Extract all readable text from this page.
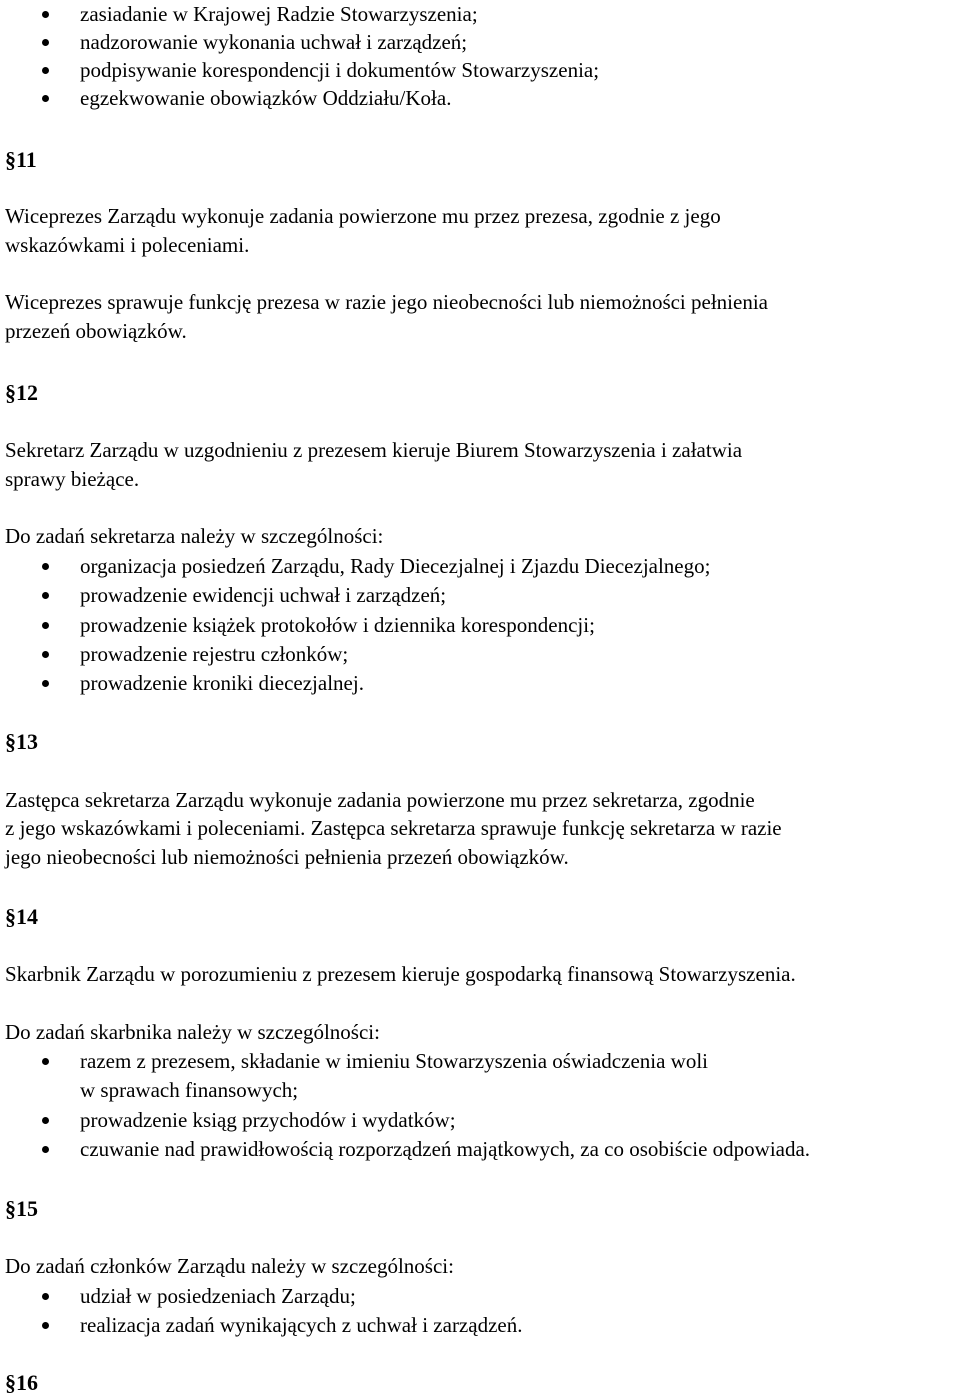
zasiadanie w Krajowej Radzie Stowarzyszenia;
nadzorowanie wykonania uchwał i zarządzeń;
podpisywanie korespondencji i dokumentów Stowarzyszenia;
egzekwowanie obowiązków Oddziału/Koła.
§11
Wiceprezes Zarządu wykonuje zadania powierzone mu przez prezesa, zgodnie z jego
wskazówkami i poleceniami.
Wiceprezes sprawuje funkcję prezesa w razie jego nieobecności lub niemożności pełnienia
przezeń obowiązków.
§12
Sekretarz Zarządu w uzgodnieniu z prezesem kieruje Biurem Stowarzyszenia i załatwia
sprawy bieżące.
Do zadań sekretarza należy w szczególności:
organizacja posiedzeń Zarządu, Rady Diecezjalnej i Zjazdu Diecezjalnego;
prowadzenie ewidencji uchwał i zarządzeń;
prowadzenie książek protokołów i dziennika korespondencji;
prowadzenie rejestru członków;
prowadzenie kroniki diecezjalnej.
§13
Zastępca sekretarza Zarządu wykonuje zadania powierzone mu przez sekretarza, zgodnie
z jego wskazówkami i poleceniami. Zastępca sekretarza sprawuje funkcję sekretarza w razie
jego nieobecności lub niemożności pełnienia przezeń obowiązków.
§14
Skarbnik Zarządu w porozumieniu z prezesem kieruje gospodarką finansową Stowarzyszenia.
Do zadań skarbnika należy w szczególności:
razem z prezesem, składanie w imieniu Stowarzyszenia oświadczenia woli
w sprawach finansowych;
prowadzenie ksiąg przychodów i wydatków;
czuwanie nad prawidłowością rozporządzeń majątkowych, za co osobiście odpowiada.
§15
Do zadań członków Zarządu należy w szczególności:
udział w posiedzeniach Zarządu;
realizacja zadań wynikających z uchwał i zarządzeń.
§16
